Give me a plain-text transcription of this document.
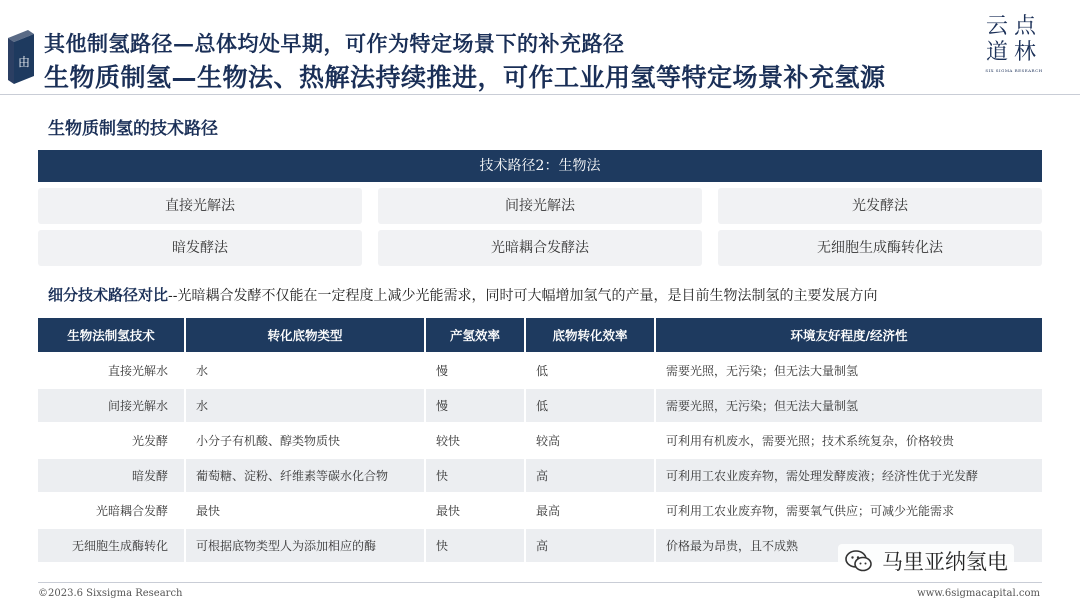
由
其他制氢路径—总体均处早期，可作为特定场景下的补充路径
生物质制氢—生物法、热解法持续推进，可作工业用氢等特定场景补充氢源
云点
道林
SIX SIGMA RESEARCH
生物质制氢的技术路径
技术路径2：生物法
直接光解法	间接光解法	光发酵法
暗发酵法	光暗耦合发酵法	无细胞生成酶转化法
细分技术路径对比--光暗耦合发酵不仅能在一定程度上减少光能需求，同时可大幅增加氢气的产量，是目前生物法制氢的主要发展方向
生物法制氢技术	转化底物类型	产氢效率	底物转化效率	环境友好程度/经济性
直接光解水	水	慢	低	需要光照，无污染；但无法大量制氢
间接光解水	水	慢	低	需要光照，无污染；但无法大量制氢
光发酵	小分子有机酸、醇类物质快	较快	较高	可利用有机废水，需要光照；技术系统复杂，价格较贵
暗发酵	葡萄糖、淀粉、纤维素等碳水化合物	快	高	可利用工农业废弃物，需处理发酵废液；经济性优于光发酵
光暗耦合发酵	最快	最快	最高	可利用工农业废弃物，需要氧气供应；可减少光能需求
无细胞生成酶转化	可根据底物类型人为添加相应的酶	快	高	价格最为昂贵，且不成熟
©2023.6 Sixsigma Research	www.6sigmacapital.com
马里亚纳氢电
